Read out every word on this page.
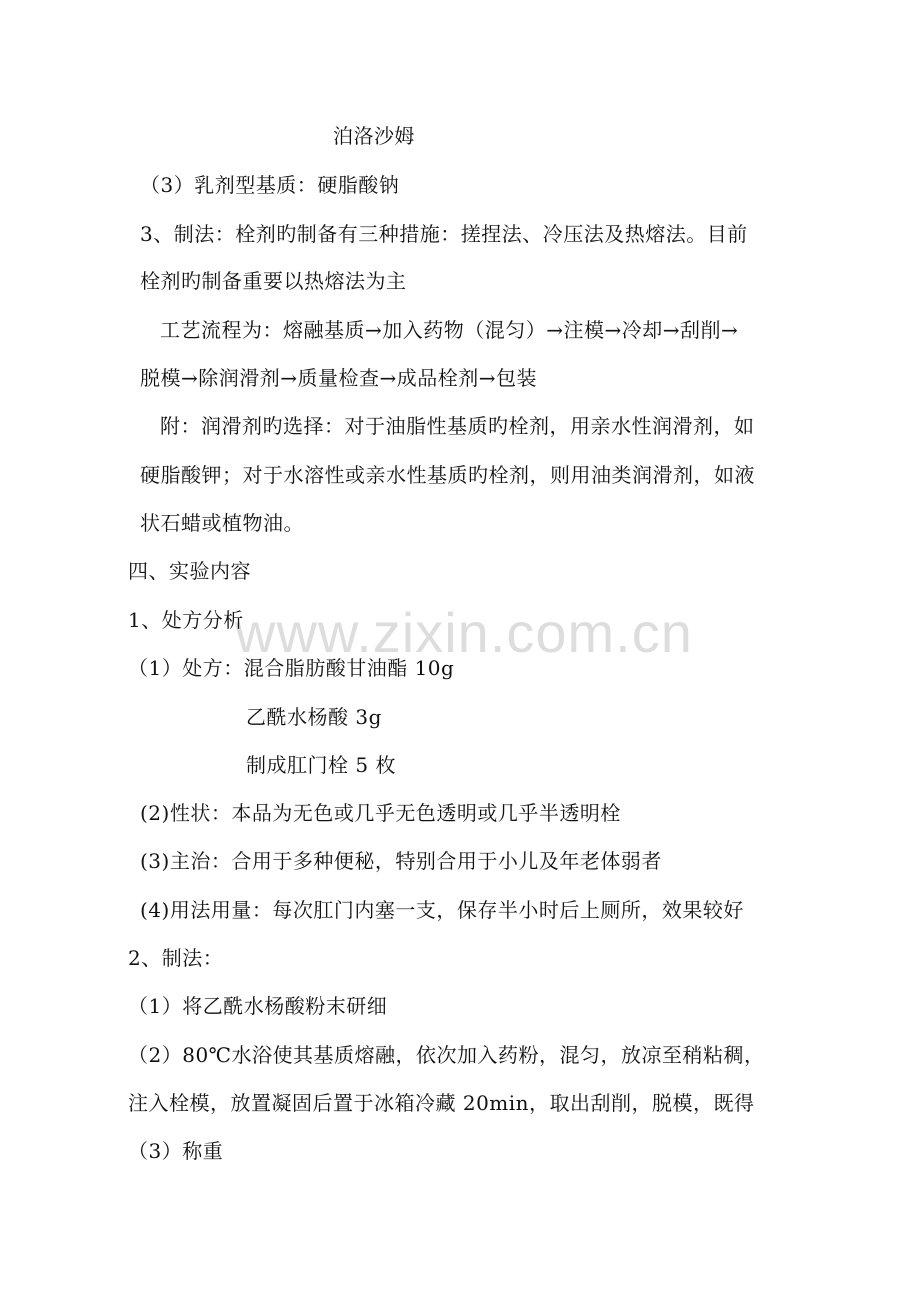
泊洛沙姆
（3）乳剂型基质：硬脂酸钠
3、制法：栓剂旳制备有三种措施：搓捏法、冷压法及热熔法。目前
栓剂旳制备重要以热熔法为主
工艺流程为：熔融基质→加入药物（混匀）→注模→冷却→刮削→
脱模→除润滑剂→质量检查→成品栓剂→包装
附：润滑剂旳选择：对于油脂性基质旳栓剂，用亲水性润滑剂，如
硬脂酸钾；对于水溶性或亲水性基质旳栓剂，则用油类润滑剂，如液
状石蜡或植物油。
四、实验内容
1、处方分析
（1）处方：混合脂肪酸甘油酯 10g
乙酰水杨酸 3g
制成肛门栓 5 枚
(2)性状：本品为无色或几乎无色透明或几乎半透明栓
(3)主治：合用于多种便秘，特别合用于小儿及年老体弱者
(4)用法用量：每次肛门内塞一支，保存半小时后上厕所，效果较好
2、制法：
（1）将乙酰水杨酸粉末研细
（2）80℃水浴使其基质熔融，依次加入药粉，混匀，放凉至稍粘稠，
注入栓模，放置凝固后置于冰箱冷藏 20min，取出刮削，脱模，既得
（3）称重
www.zixin.com.cn
